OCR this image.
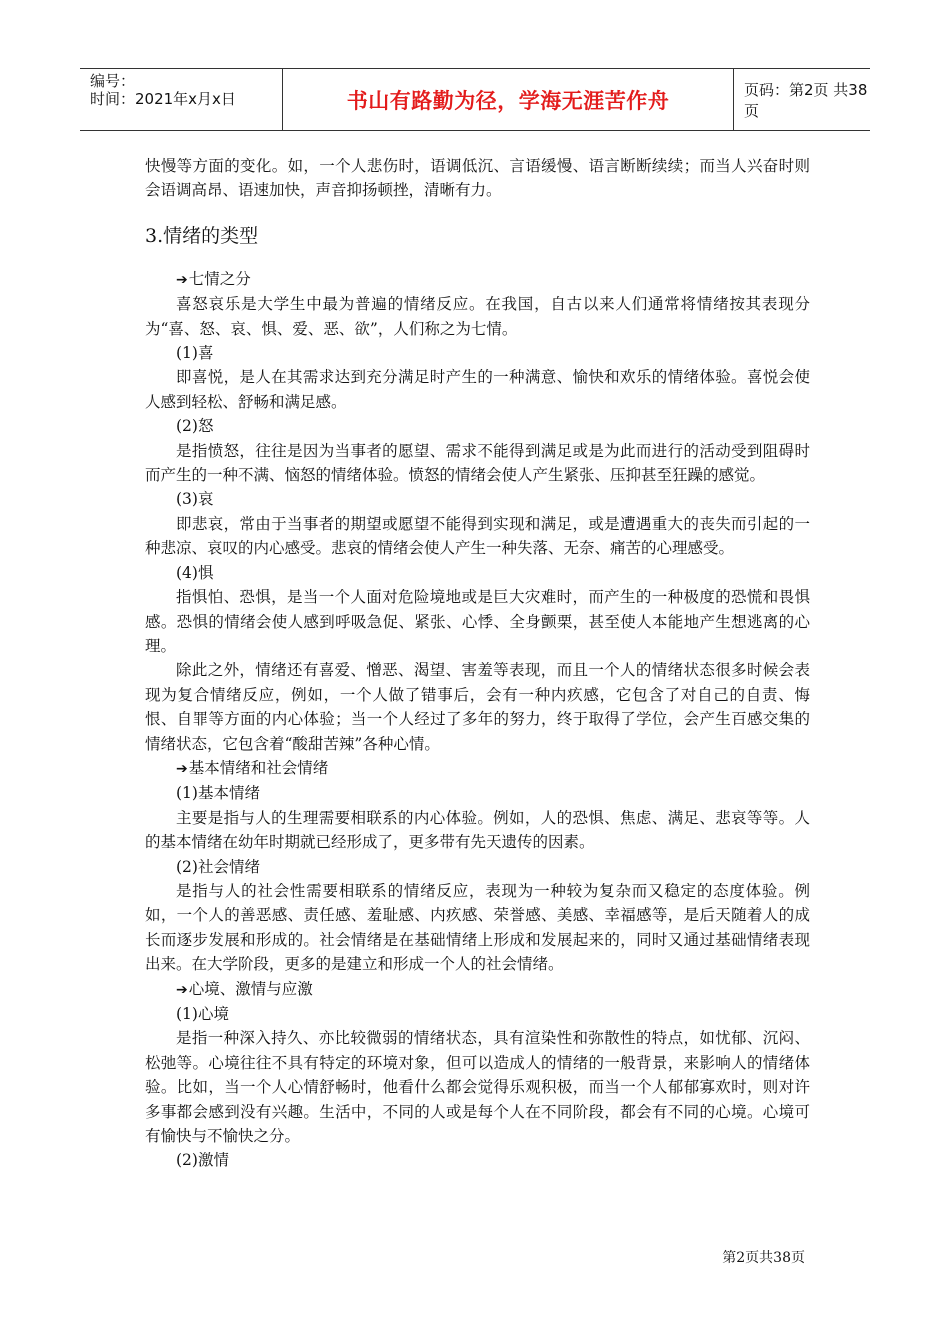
编号：
时间：2021年x月x日	书山有路勤为径，学海无涯苦作舟	页码：第2页 共38页

快慢等方面的变化。如，一个人悲伤时，语调低沉、言语缓慢、语言断断续续；而当人兴奋时则会语调高昂、语速加快，声音抑扬顿挫，清晰有力。

3.情绪的类型

➔七情之分

喜怒哀乐是大学生中最为普遍的情绪反应。在我国，自古以来人们通常将情绪按其表现分为“喜、怒、哀、惧、爱、恶、欲”，人们称之为七情。

(1)喜

即喜悦，是人在其需求达到充分满足时产生的一种满意、愉快和欢乐的情绪体验。喜悦会使人感到轻松、舒畅和满足感。

(2)怒

是指愤怒，往往是因为当事者的愿望、需求不能得到满足或是为此而进行的活动受到阻碍时而产生的一种不满、恼怒的情绪体验。愤怒的情绪会使人产生紧张、压抑甚至狂躁的感觉。

(3)哀

即悲哀，常由于当事者的期望或愿望不能得到实现和满足，或是遭遇重大的丧失而引起的一种悲凉、哀叹的内心感受。悲哀的情绪会使人产生一种失落、无奈、痛苦的心理感受。

(4)惧

指惧怕、恐惧，是当一个人面对危险境地或是巨大灾难时，而产生的一种极度的恐慌和畏惧感。恐惧的情绪会使人感到呼吸急促、紧张、心悸、全身颤栗，甚至使人本能地产生想逃离的心理。

除此之外，情绪还有喜爱、憎恶、渴望、害羞等表现，而且一个人的情绪状态很多时候会表现为复合情绪反应，例如，一个人做了错事后，会有一种内疚感，它包含了对自己的自责、悔恨、自罪等方面的内心体验；当一个人经过了多年的努力，终于取得了学位，会产生百感交集的情绪状态，它包含着“酸甜苦辣”各种心情。

➔基本情绪和社会情绪

(1)基本情绪

主要是指与人的生理需要相联系的内心体验。例如，人的恐惧、焦虑、满足、悲哀等等。人的基本情绪在幼年时期就已经形成了，更多带有先天遗传的因素。

(2)社会情绪

是指与人的社会性需要相联系的情绪反应，表现为一种较为复杂而又稳定的态度体验。例如，一个人的善恶感、责任感、羞耻感、内疚感、荣誉感、美感、幸福感等，是后天随着人的成长而逐步发展和形成的。社会情绪是在基础情绪上形成和发展起来的，同时又通过基础情绪表现出来。在大学阶段，更多的是建立和形成一个人的社会情绪。

➔心境、激情与应激

(1)心境

是指一种深入持久、亦比较微弱的情绪状态，具有渲染性和弥散性的特点，如忧郁、沉闷、松弛等。心境往往不具有特定的环境对象，但可以造成人的情绪的一般背景，来影响人的情绪体验。比如，当一个人心情舒畅时，他看什么都会觉得乐观积极，而当一个人郁郁寡欢时，则对许多事都会感到没有兴趣。生活中，不同的人或是每个人在不同阶段，都会有不同的心境。心境可有愉快与不愉快之分。

(2)激情

第2页共38页
